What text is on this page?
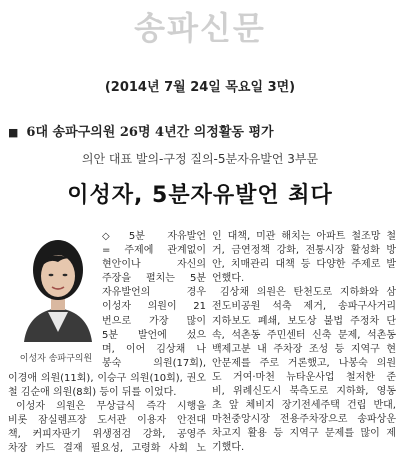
송파신문
(2014년 7월 24일 목요일 3면)
■ 6대 송파구의원 26명 4년간 의정활동 평가
의안 대표 발의-구정 질의-5분자유발언 3부문
이성자, 5분자유발언 최다
이성자 송파구의원
◇5분 자유발언
= 주제에 관계없이
현안이나 자신의
주장을 펼치는 5분
자유발언의 경우
이성자 의원이 21
번으로 가장 많이
5분 발언에 섰으
며, 이어 김상채 나
봉숙 의원(17회),
이경애 의원(11회), 이승구 의원(10회), 권오
철 김순애 의원(8회) 등이 뒤를 이었다.
이성자 의원은 무상급식 즉각 시행을
비롯 잠실렘프장 도서관 이용자 안전대
책, 커피자판기 위생점검 강화, 공영주
차장 카드 결재 필요성, 고령화 사회 노
인 대책, 미관 해치는 아파트 철조망 철
거, 금연정책 강화, 전통시장 활성화 방
안, 치매관리 대책 등 다양한 주제로 발
언했다.
김상채 의원은 탄천도로 지하화와 삼
전도비공원 석축 제거, 송파구사거리
지하보도 폐쇄, 보도상 불법 주정차 단
속, 석촌동 주민센터 신축 문제, 석촌동
백제고분 내 주차장 조성 등 지역구 현
안문제를 주로 거론했고, 나봉숙 의원
도 거여·마천 뉴타운사업 철저한 준
비, 위례신도시 북측도로 지하화, 영동
초 앞 체비지 장기전세주택 건립 반대,
마천중앙시장 전용주차장으로 송파상운
차고지 활용 등 지역구 문제를 많이 제
기했다.
